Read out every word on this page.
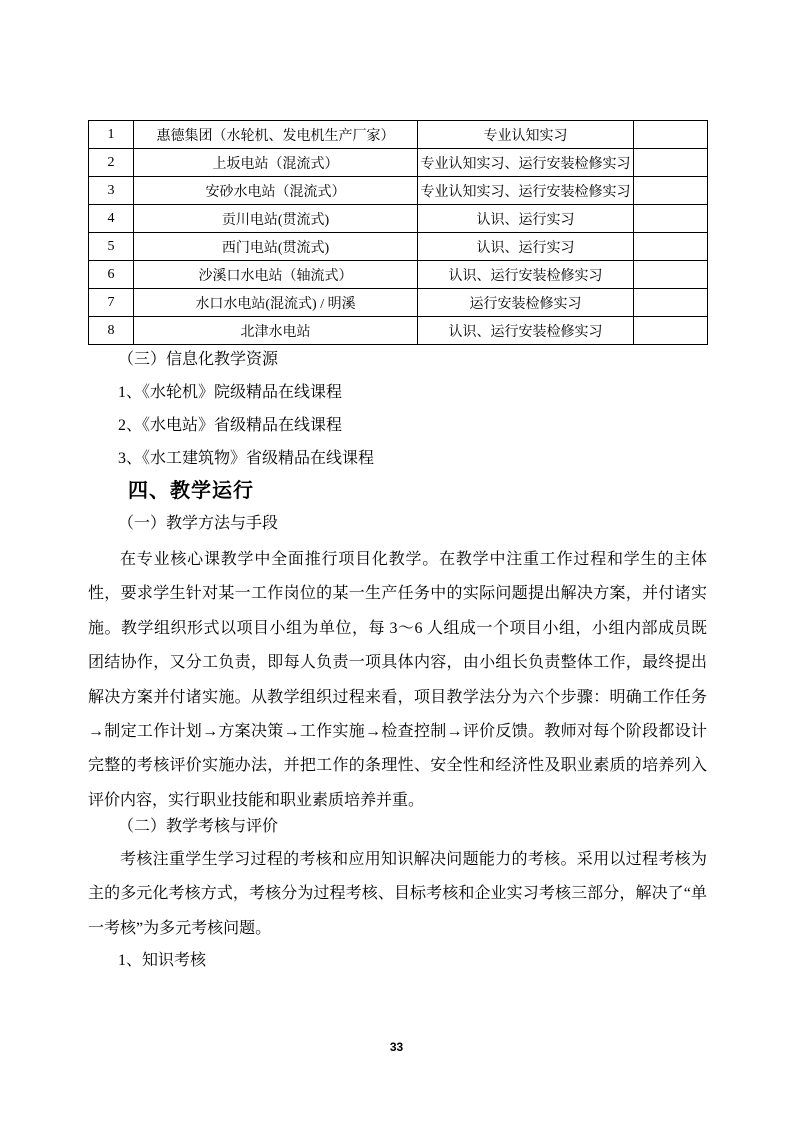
1	惠德集团（水轮机、发电机生产厂家）	专业认知实习	
2	上坂电站（混流式）	专业认知实习、运行安装检修实习	
3	安砂水电站（混流式）	专业认知实习、运行安装检修实习	
4	贡川电站(贯流式)	认识、运行实习	
5	西门电站(贯流式)	认识、运行实习	
6	沙溪口水电站（轴流式）	认识、运行安装检修实习	
7	水口水电站(混流式) / 明溪	运行安装检修实习	
8	北津水电站	认识、运行安装检修实习	
（三）信息化教学资源
1、《水轮机》院级精品在线课程
2、《水电站》省级精品在线课程
3、《水工建筑物》省级精品在线课程
四、教学运行
（一）教学方法与手段
在专业核心课教学中全面推行项目化教学。在教学中注重工作过程和学生的主体
性，要求学生针对某一工作岗位的某一生产任务中的实际问题提出解决方案，并付诸实
施。教学组织形式以项目小组为单位，每 3～6 人组成一个项目小组，小组内部成员既
团结协作，又分工负责，即每人负责一项具体内容，由小组长负责整体工作，最终提出
解决方案并付诸实施。从教学组织过程来看，项目教学法分为六个步骤：明确工作任务
→制定工作计划→方案决策→工作实施→检查控制→评价反馈。教师对每个阶段都设计
完整的考核评价实施办法，并把工作的条理性、安全性和经济性及职业素质的培养列入
评价内容，实行职业技能和职业素质培养并重。
（二）教学考核与评价
考核注重学生学习过程的考核和应用知识解决问题能力的考核。采用以过程考核为
主的多元化考核方式，考核分为过程考核、目标考核和企业实习考核三部分，解决了“单
一考核”为多元考核问题。
1、知识考核
33
